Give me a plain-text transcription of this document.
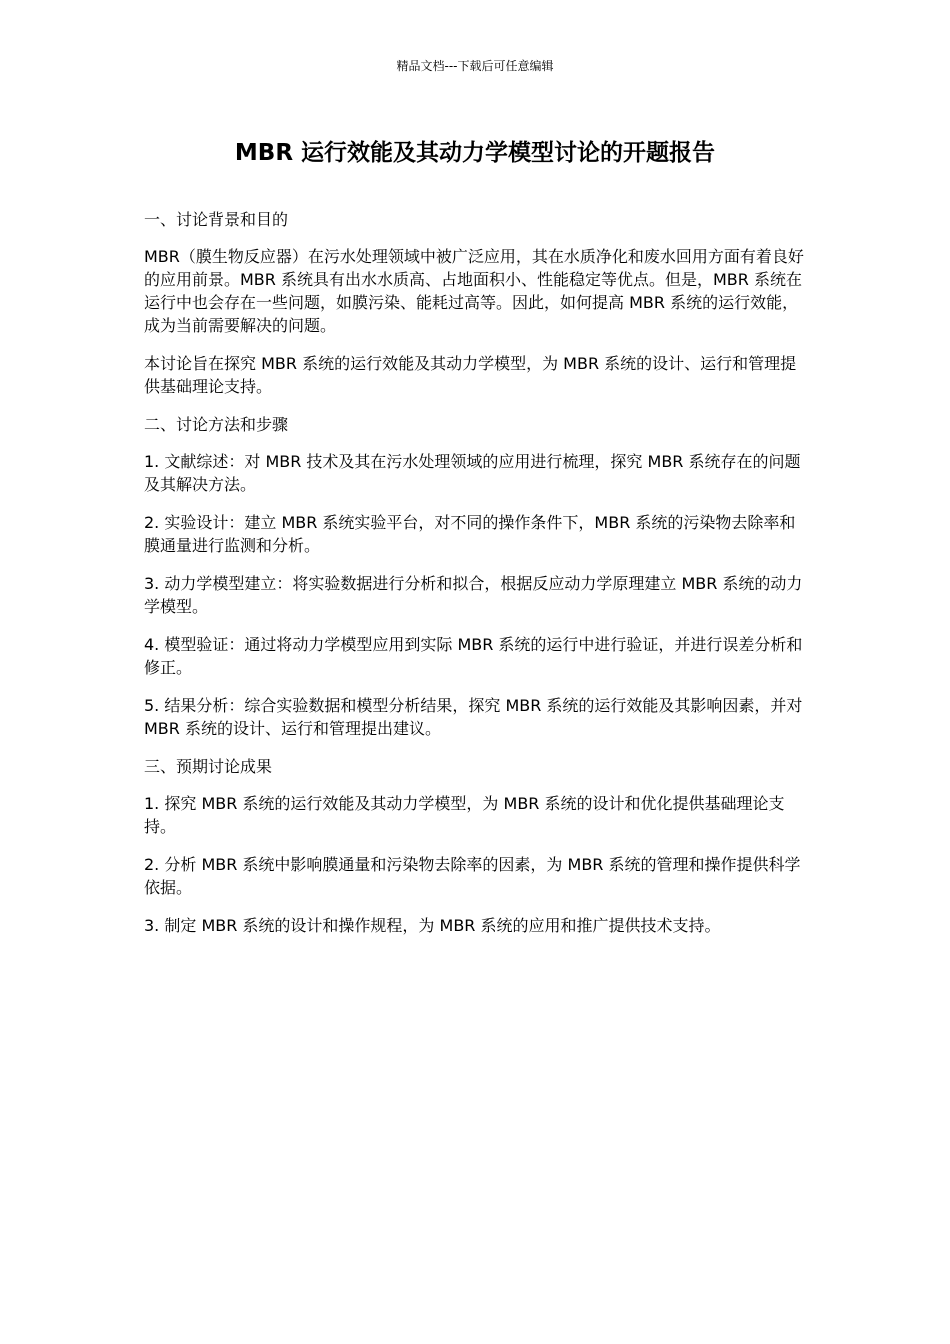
精品文档---下载后可任意编辑
MBR 运行效能及其动力学模型讨论的开题报告

一、讨论背景和目的

MBR（膜生物反应器）在污水处理领域中被广泛应用，其在水质净化和废水回用方面有着良好的应用前景。MBR 系统具有出水水质高、占地面积小、性能稳定等优点。但是，MBR 系统在运行中也会存在一些问题，如膜污染、能耗过高等。因此，如何提高 MBR 系统的运行效能，成为当前需要解决的问题。

本讨论旨在探究 MBR 系统的运行效能及其动力学模型，为 MBR 系统的设计、运行和管理提供基础理论支持。

二、讨论方法和步骤

1. 文献综述：对 MBR 技术及其在污水处理领域的应用进行梳理，探究 MBR 系统存在的问题及其解决方法。

2. 实验设计：建立 MBR 系统实验平台，对不同的操作条件下，MBR 系统的污染物去除率和膜通量进行监测和分析。

3. 动力学模型建立：将实验数据进行分析和拟合，根据反应动力学原理建立 MBR 系统的动力学模型。

4. 模型验证：通过将动力学模型应用到实际 MBR 系统的运行中进行验证，并进行误差分析和修正。

5. 结果分析：综合实验数据和模型分析结果，探究 MBR 系统的运行效能及其影响因素，并对 MBR 系统的设计、运行和管理提出建议。

三、预期讨论成果

1. 探究 MBR 系统的运行效能及其动力学模型，为 MBR 系统的设计和优化提供基础理论支持。

2. 分析 MBR 系统中影响膜通量和污染物去除率的因素，为 MBR 系统的管理和操作提供科学依据。

3. 制定 MBR 系统的设计和操作规程，为 MBR 系统的应用和推广提供技术支持。
